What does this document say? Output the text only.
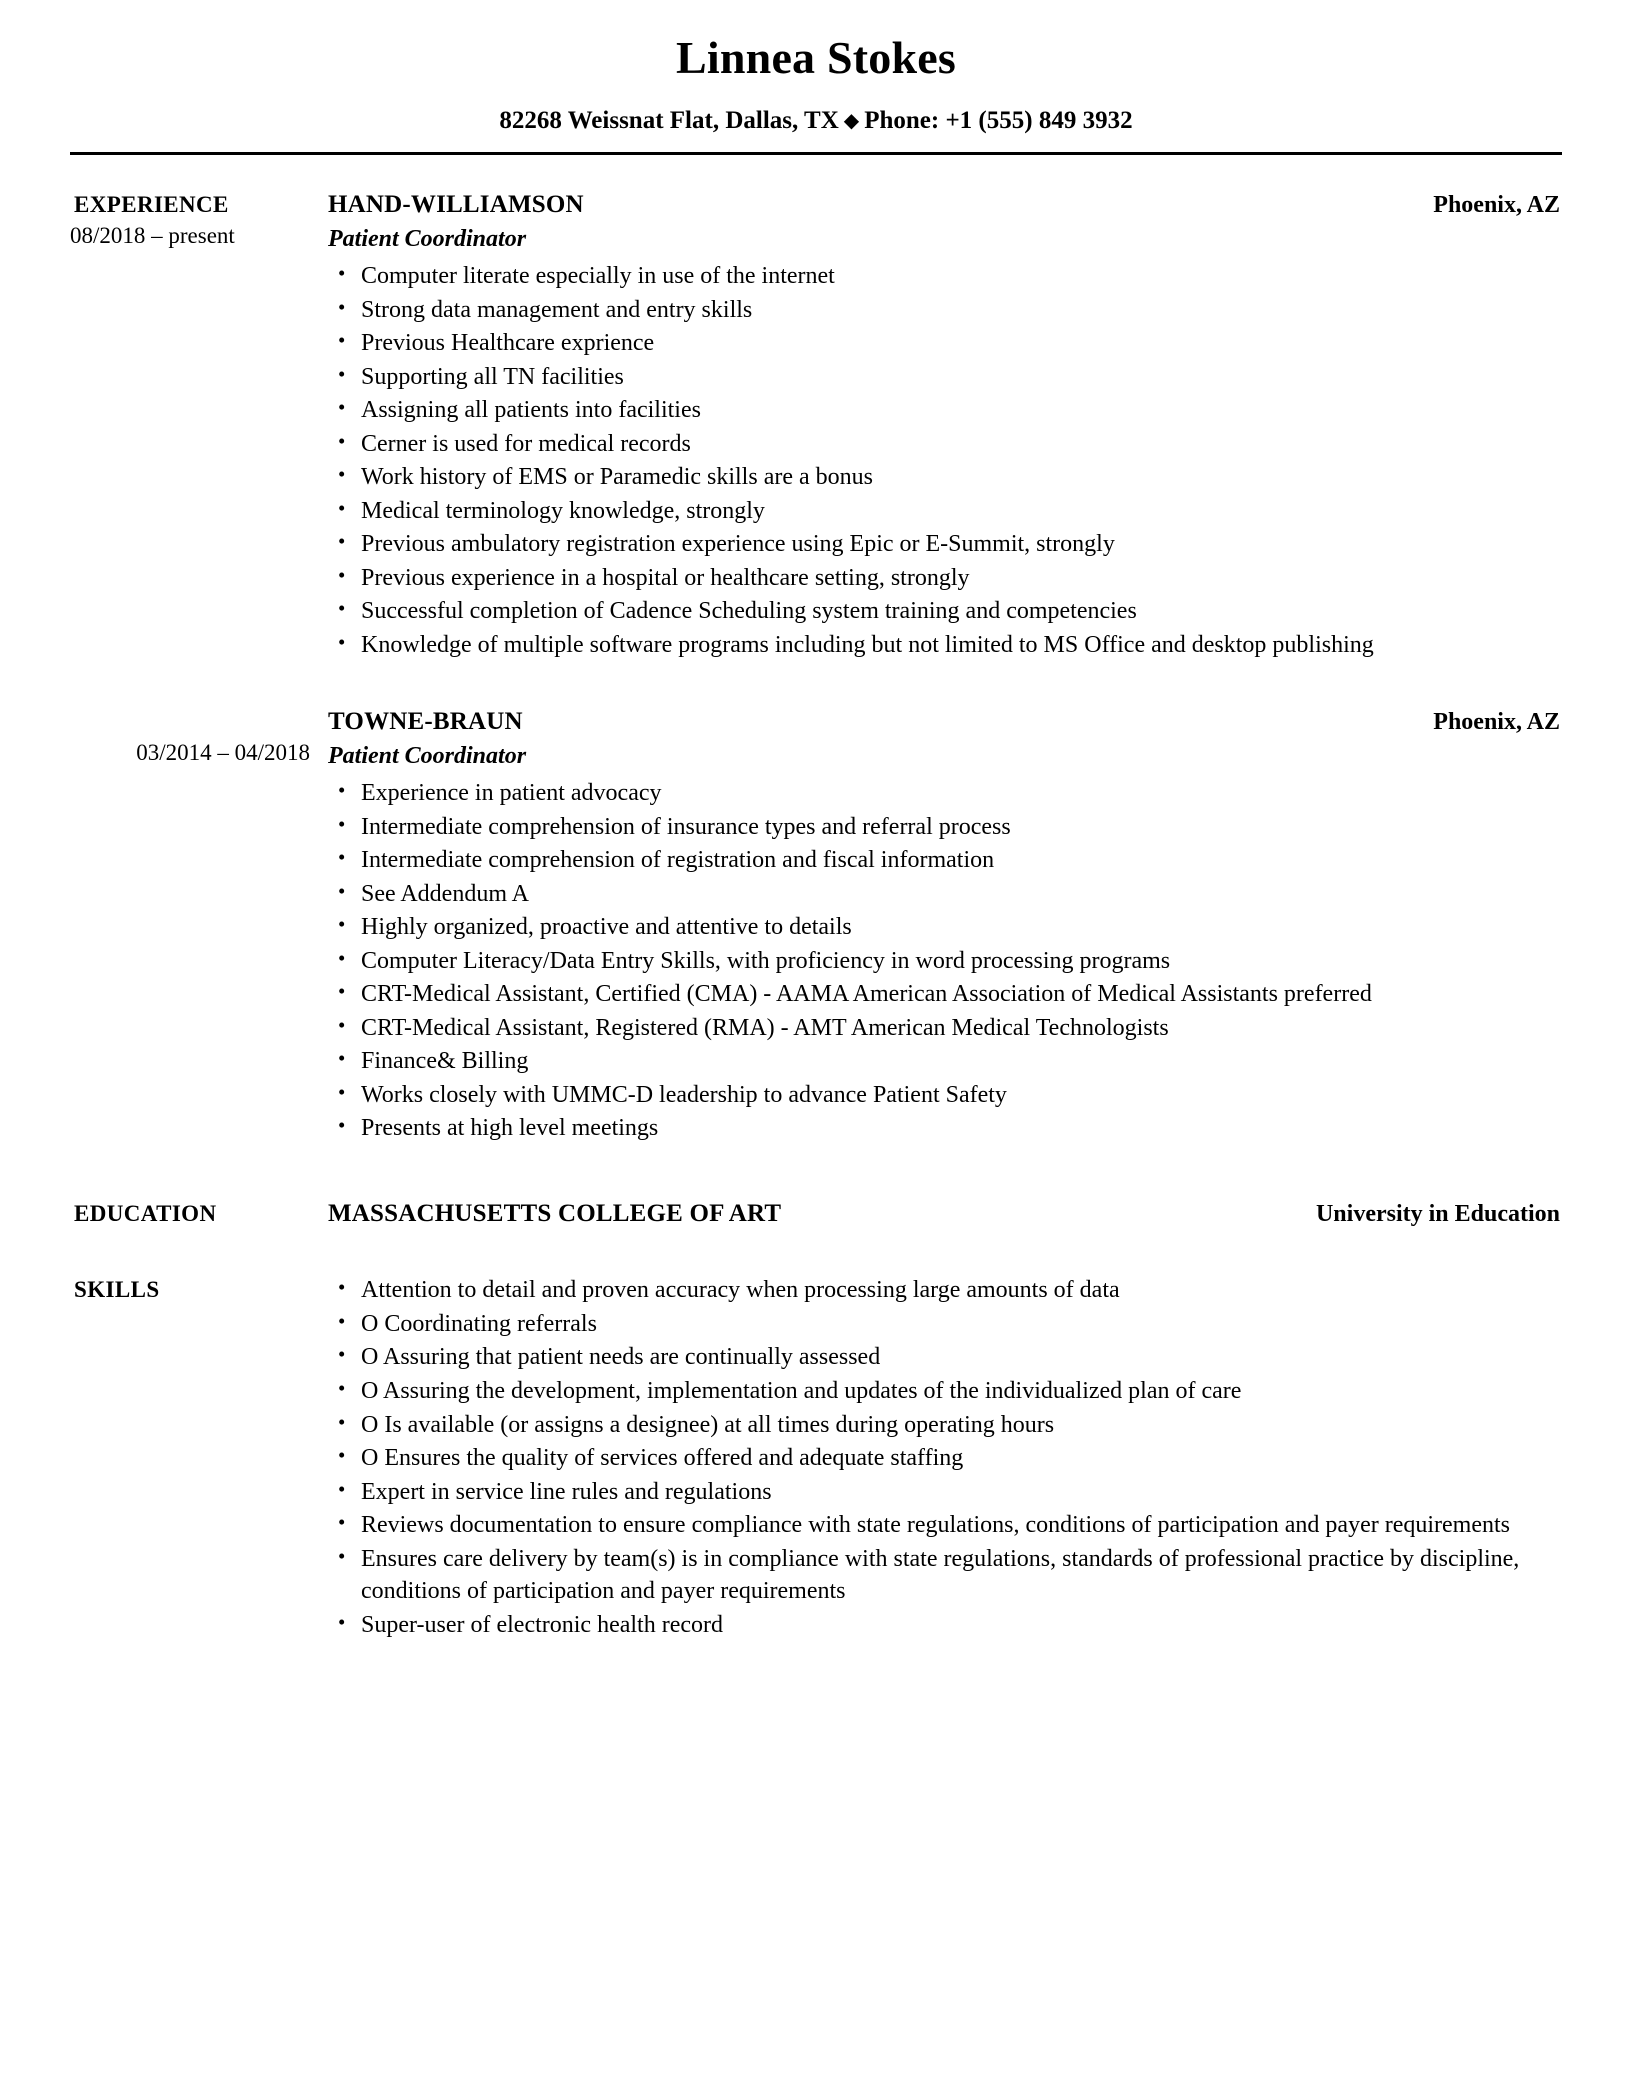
Linnea Stokes
82268 Weissnat Flat, Dallas, TX ◆ Phone: +1 (555) 849 3932
EXPERIENCE
08/2018 – present
HAND-WILLIAMSON	Phoenix, AZ
Patient Coordinator
• Computer literate especially in use of the internet
• Strong data management and entry skills
• Previous Healthcare exprience
• Supporting all TN facilities
• Assigning all patients into facilities
• Cerner is used for medical records
• Work history of EMS or Paramedic skills are a bonus
• Medical terminology knowledge, strongly
• Previous ambulatory registration experience using Epic or E-Summit, strongly
• Previous experience in a hospital or healthcare setting, strongly
• Successful completion of Cadence Scheduling system training and competencies
• Knowledge of multiple software programs including but not limited to MS Office and desktop publishing
03/2014 – 04/2018
TOWNE-BRAUN	Phoenix, AZ
Patient Coordinator
• Experience in patient advocacy
• Intermediate comprehension of insurance types and referral process
• Intermediate comprehension of registration and fiscal information
• See Addendum A
• Highly organized, proactive and attentive to details
• Computer Literacy/Data Entry Skills, with proficiency in word processing programs
• CRT-Medical Assistant, Certified (CMA) - AAMA American Association of Medical Assistants preferred
• CRT-Medical Assistant, Registered (RMA) - AMT American Medical Technologists
• Finance& Billing
• Works closely with UMMC-D leadership to advance Patient Safety
• Presents at high level meetings
EDUCATION	MASSACHUSETTS COLLEGE OF ART	University in Education
SKILLS	• Attention to detail and proven accuracy when processing large amounts of data
• O Coordinating referrals
• O Assuring that patient needs are continually assessed
• O Assuring the development, implementation and updates of the individualized plan of care
• O Is available (or assigns a designee) at all times during operating hours
• O Ensures the quality of services offered and adequate staffing
• Expert in service line rules and regulations
• Reviews documentation to ensure compliance with state regulations, conditions of participation and payer requirements
• Ensures care delivery by team(s) is in compliance with state regulations, standards of professional practice by discipline, conditions of participation and payer requirements
• Super-user of electronic health record
